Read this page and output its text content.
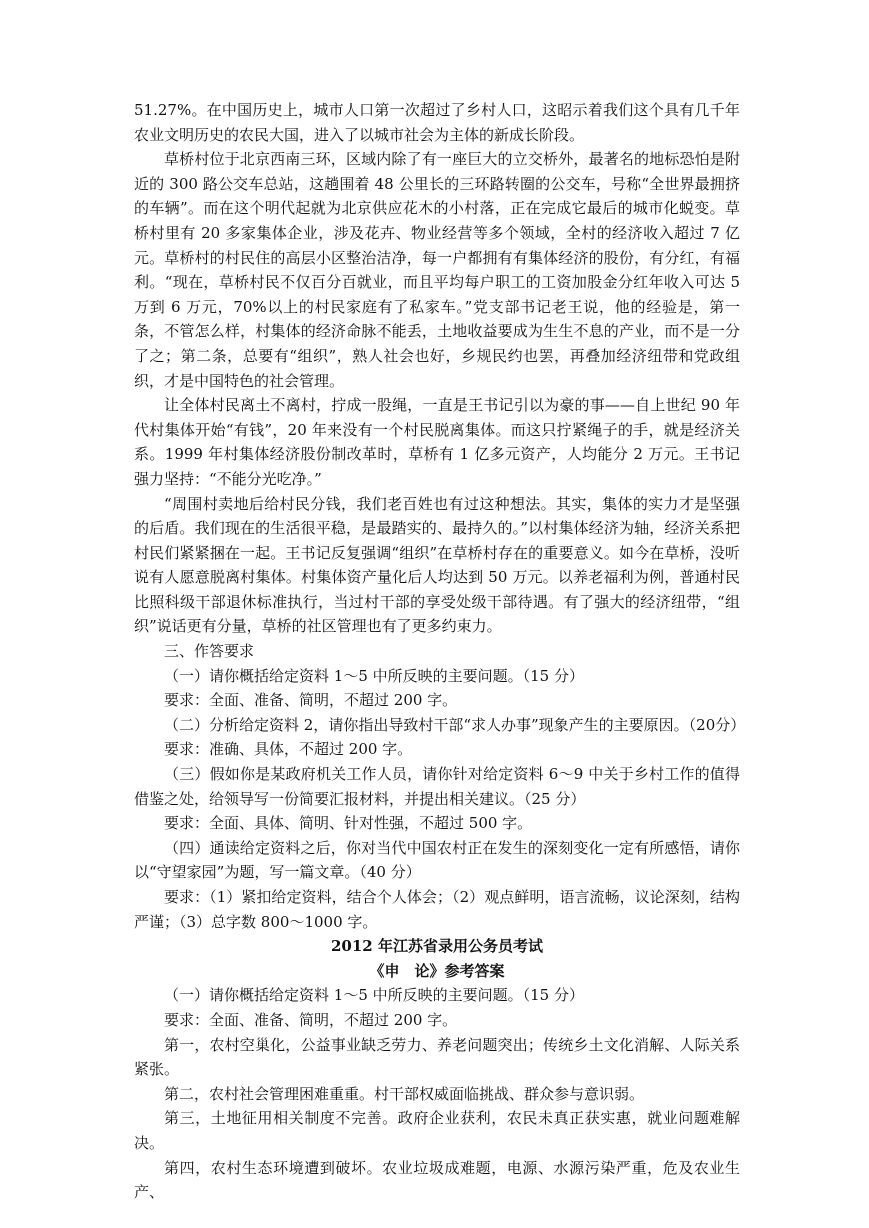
51.27%。在中国历史上，城市人口第一次超过了乡村人口，这昭示着我们这个具有几千年农业文明历史的农民大国，进入了以城市社会为主体的新成长阶段。

草桥村位于北京西南三环，区域内除了有一座巨大的立交桥外，最著名的地标恐怕是附近的 300 路公交车总站，这趟围着 48 公里长的三环路转圈的公交车，号称“全世界最拥挤的车辆”。而在这个明代起就为北京供应花木的小村落，正在完成它最后的城市化蜕变。草桥村里有 20 多家集体企业，涉及花卉、物业经营等多个领域，全村的经济收入超过 7 亿元。草桥村的村民住的高层小区整治洁净，每一户都拥有有集体经济的股份，有分红，有福利。“现在，草桥村民不仅百分百就业，而且平均每户职工的工资加股金分红年收入可达 5 万到 6 万元，70%以上的村民家庭有了私家车。”党支部书记老王说，他的经验是，第一条，不管怎么样，村集体的经济命脉不能丢，土地收益要成为生生不息的产业，而不是一分了之；第二条，总要有“组织”，熟人社会也好，乡规民约也罢，再叠加经济纽带和党政组织，才是中国特色的社会管理。

让全体村民离土不离村，拧成一股绳，一直是王书记引以为豪的事——自上世纪 90 年代村集体开始“有钱”，20 年来没有一个村民脱离集体。而这只拧紧绳子的手，就是经济关系。1999 年村集体经济股份制改革时，草桥有 1 亿多元资产，人均能分 2 万元。王书记强力坚持：“不能分光吃净。”

“周围村卖地后给村民分钱，我们老百姓也有过这种想法。其实，集体的实力才是坚强的后盾。我们现在的生活很平稳，是最踏实的、最持久的。”以村集体经济为轴，经济关系把村民们紧紧捆在一起。王书记反复强调“组织”在草桥村存在的重要意义。如今在草桥，没听说有人愿意脱离村集体。村集体资产量化后人均达到 50 万元。以养老福利为例，普通村民比照科级干部退休标准执行，当过村干部的享受处级干部待遇。有了强大的经济纽带，“组织”说话更有分量，草桥的社区管理也有了更多约束力。

三、作答要求

（一）请你概括给定资料 1～5 中所反映的主要问题。（15 分）

要求：全面、准备、简明，不超过 200 字。

（二）分析给定资料 2，请你指出导致村干部“求人办事”现象产生的主要原因。（20分）

要求：准确、具体，不超过 200 字。

（三）假如你是某政府机关工作人员，请你针对给定资料 6～9 中关于乡村工作的值得借鉴之处，给领导写一份简要汇报材料，并提出相关建议。（25 分）

要求：全面、具体、简明、针对性强，不超过 500 字。

（四）通读给定资料之后，你对当代中国农村正在发生的深刻变化一定有所感悟，请你以“守望家园”为题，写一篇文章。（40 分）

要求：（1）紧扣给定资料，结合个人体会；（2）观点鲜明，语言流畅，议论深刻，结构严谨；（3）总字数 800～1000 字。

2012 年江苏省录用公务员考试

《申　论》参考答案

（一）请你概括给定资料 1～5 中所反映的主要问题。（15 分）

要求：全面、准备、简明，不超过 200 字。

第一，农村空巢化，公益事业缺乏劳力、养老问题突出；传统乡土文化消解、人际关系紧张。

第二，农村社会管理困难重重。村干部权威面临挑战、群众参与意识弱。

第三，土地征用相关制度不完善。政府企业获利，农民未真正获实惠，就业问题难解决。

第四，农村生态环境遭到破坏。农业垃圾成难题，电源、水源污染严重，危及农业生产、
